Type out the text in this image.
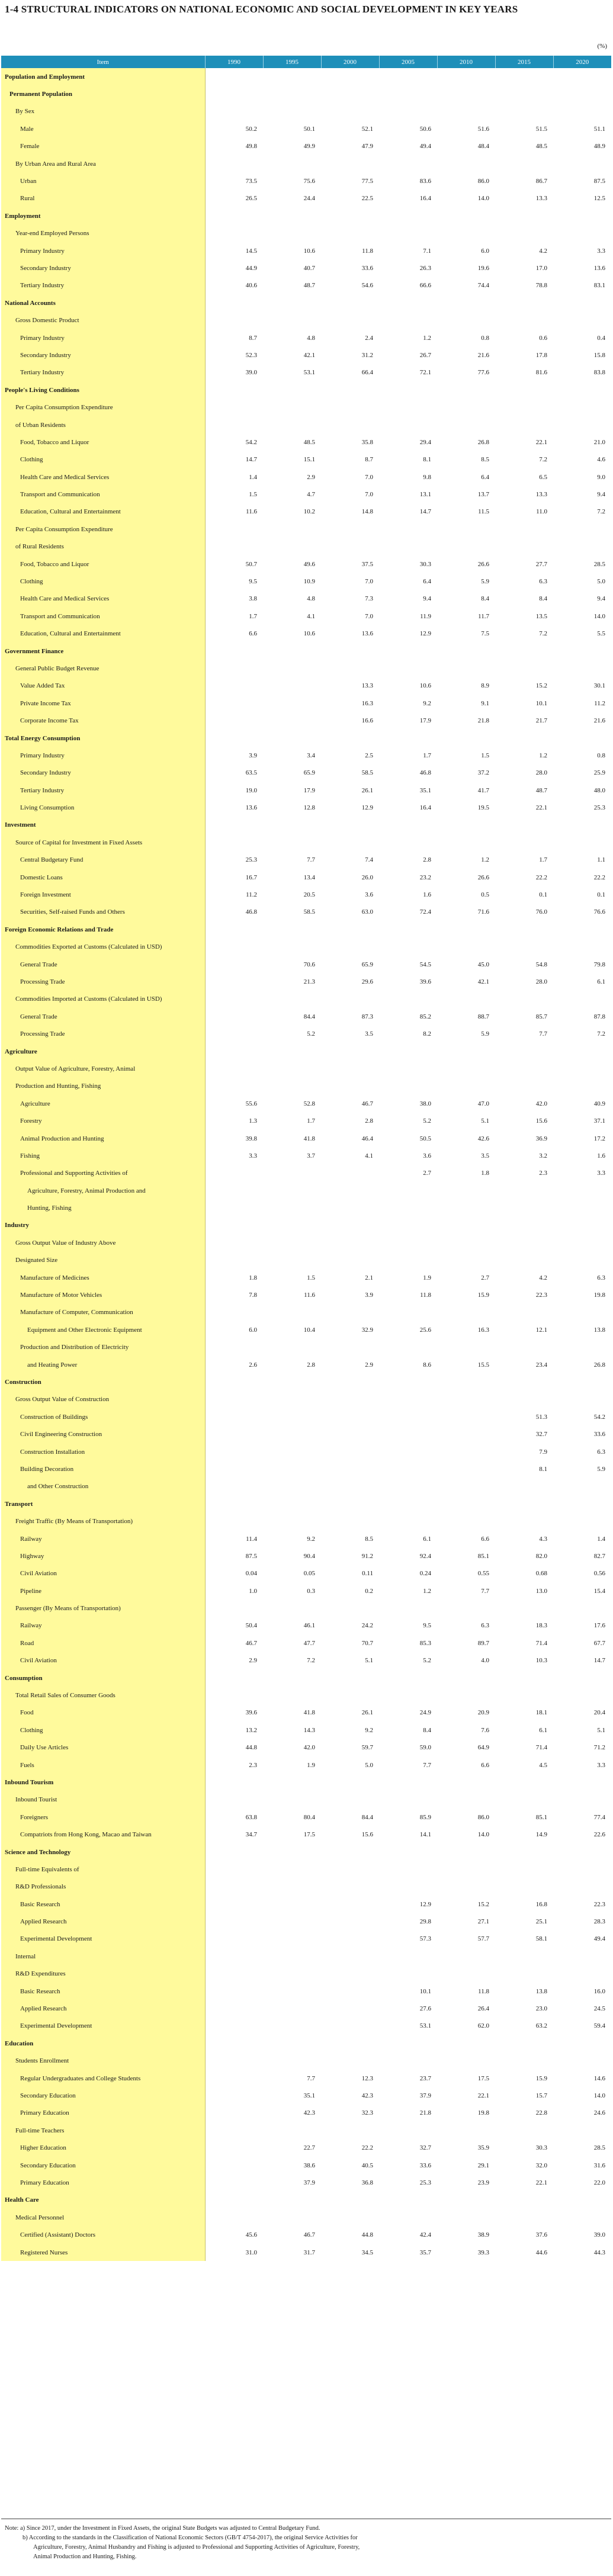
1-4 STRUCTURAL INDICATORS ON NATIONAL ECONOMIC AND SOCIAL DEVELOPMENT IN KEY YEARS
(%)
Item	1990	1995	2000	2005	2010	2015	2020
Population and Employment							
Permanent Population							
By Sex							
Male	50.2	50.1	52.1	50.6	51.6	51.5	51.1
Female	49.8	49.9	47.9	49.4	48.4	48.5	48.9
By Urban Area and Rural Area							
Urban	73.5	75.6	77.5	83.6	86.0	86.7	87.5
Rural	26.5	24.4	22.5	16.4	14.0	13.3	12.5
Employment							
Year-end Employed Persons							
Primary Industry	14.5	10.6	11.8	7.1	6.0	4.2	3.3
Secondary Industry	44.9	40.7	33.6	26.3	19.6	17.0	13.6
Tertiary Industry	40.6	48.7	54.6	66.6	74.4	78.8	83.1
National Accounts							
Gross Domestic Product							
Primary Industry	8.7	4.8	2.4	1.2	0.8	0.6	0.4
Secondary Industry	52.3	42.1	31.2	26.7	21.6	17.8	15.8
Tertiary Industry	39.0	53.1	66.4	72.1	77.6	81.6	83.8
People's Living Conditions							
Per Capita Consumption Expenditure							
of Urban Residents							
Food, Tobacco and Liquor	54.2	48.5	35.8	29.4	26.8	22.1	21.0
Clothing	14.7	15.1	8.7	8.1	8.5	7.2	4.6
Health Care and Medical Services	1.4	2.9	7.0	9.8	6.4	6.5	9.0
Transport and Communication	1.5	4.7	7.0	13.1	13.7	13.3	9.4
Education, Cultural and Entertainment	11.6	10.2	14.8	14.7	11.5	11.0	7.2
Per Capita Consumption Expenditure							
of Rural Residents							
Food, Tobacco and Liquor	50.7	49.6	37.5	30.3	26.6	27.7	28.5
Clothing	9.5	10.9	7.0	6.4	5.9	6.3	5.0
Health Care and Medical Services	3.8	4.8	7.3	9.4	8.4	8.4	9.4
Transport and Communication	1.7	4.1	7.0	11.9	11.7	13.5	14.0
Education, Cultural and Entertainment	6.6	10.6	13.6	12.9	7.5	7.2	5.5
Government Finance							
General Public Budget Revenue							
Value Added Tax			13.3	10.6	8.9	15.2	30.1
Private Income Tax			16.3	9.2	9.1	10.1	11.2
Corporate Income Tax			16.6	17.9	21.8	21.7	21.6
Total Energy Consumption							
Primary Industry	3.9	3.4	2.5	1.7	1.5	1.2	0.8
Secondary Industry	63.5	65.9	58.5	46.8	37.2	28.0	25.9
Tertiary Industry	19.0	17.9	26.1	35.1	41.7	48.7	48.0
Living Consumption	13.6	12.8	12.9	16.4	19.5	22.1	25.3
Investment							
Source of Capital for Investment in Fixed Assets							
Central Budgetary Fund	25.3	7.7	7.4	2.8	1.2	1.7	1.1
Domestic Loans	16.7	13.4	26.0	23.2	26.6	22.2	22.2
Foreign Investment	11.2	20.5	3.6	1.6	0.5	0.1	0.1
Securities, Self-raised Funds and Others	46.8	58.5	63.0	72.4	71.6	76.0	76.6
Foreign Economic Relations and Trade							
Commodities Exported at Customs (Calculated in USD)							
General Trade		70.6	65.9	54.5	45.0	54.8	79.8
Processing Trade		21.3	29.6	39.6	42.1	28.0	6.1
Commodities Imported at Customs (Calculated in USD)							
General Trade		84.4	87.3	85.2	88.7	85.7	87.8
Processing Trade		5.2	3.5	8.2	5.9	7.7	7.2
Agriculture							
Output Value of Agriculture, Forestry, Animal							
Production and Hunting, Fishing							
Agriculture	55.6	52.8	46.7	38.0	47.0	42.0	40.9
Forestry	1.3	1.7	2.8	5.2	5.1	15.6	37.1
Animal Production and Hunting	39.8	41.8	46.4	50.5	42.6	36.9	17.2
Fishing	3.3	3.7	4.1	3.6	3.5	3.2	1.6
Professional and Supporting Activities of				2.7	1.8	2.3	3.3
Agriculture, Forestry, Animal Production and							
Hunting, Fishing							
Industry							
Gross Output Value of Industry Above							
Designated Size							
Manufacture of Medicines	1.8	1.5	2.1	1.9	2.7	4.2	6.3
Manufacture of Motor Vehicles	7.8	11.6	3.9	11.8	15.9	22.3	19.8
Manufacture of Computer, Communication							
Equipment and Other Electronic Equipment	6.0	10.4	32.9	25.6	16.3	12.1	13.8
Production and Distribution of Electricity							
and Heating Power	2.6	2.8	2.9	8.6	15.5	23.4	26.8
Construction							
Gross Output Value of Construction							
Construction of Buildings						51.3	54.2
Civil Engineering Construction						32.7	33.6
Construction Installation						7.9	6.3
Building Decoration						8.1	5.9
and Other Construction							
Transport							
Freight Traffic (By Means of Transportation)							
Railway	11.4	9.2	8.5	6.1	6.6	4.3	1.4
Highway	87.5	90.4	91.2	92.4	85.1	82.0	82.7
Civil Aviation	0.04	0.05	0.11	0.24	0.55	0.68	0.56
Pipeline	1.0	0.3	0.2	1.2	7.7	13.0	15.4
Passenger (By Means of Transportation)							
Railway	50.4	46.1	24.2	9.5	6.3	18.3	17.6
Road	46.7	47.7	70.7	85.3	89.7	71.4	67.7
Civil Aviation	2.9	7.2	5.1	5.2	4.0	10.3	14.7
Consumption							
Total Retail Sales of Consumer Goods							
Food	39.6	41.8	26.1	24.9	20.9	18.1	20.4
Clothing	13.2	14.3	9.2	8.4	7.6	6.1	5.1
Daily Use Articles	44.8	42.0	59.7	59.0	64.9	71.4	71.2
Fuels	2.3	1.9	5.0	7.7	6.6	4.5	3.3
Inbound Tourism							
Inbound Tourist							
Foreigners	63.8	80.4	84.4	85.9	86.0	85.1	77.4
Compatriots from Hong Kong, Macao and Taiwan	34.7	17.5	15.6	14.1	14.0	14.9	22.6
Science and Technology							
Full-time Equivalents of							
R&D Professionals							
Basic Research				12.9	15.2	16.8	22.3
Applied Research				29.8	27.1	25.1	28.3
Experimental Development				57.3	57.7	58.1	49.4
Internal							
R&D Expenditures							
Basic Research				10.1	11.8	13.8	16.0
Applied Research				27.6	26.4	23.0	24.5
Experimental Development				53.1	62.0	63.2	59.4
Education							
Students Enrollment							
Regular Undergraduates and College Students		7.7	12.3	23.7	17.5	15.9	14.6
Secondary Education		35.1	42.3	37.9	22.1	15.7	14.0
Primary Education		42.3	32.3	21.8	19.8	22.8	24.6
Full-time Teachers							
Higher Education		22.7	22.2	32.7	35.9	30.3	28.5
Secondary Education		38.6	40.5	33.6	29.1	32.0	31.6
Primary Education		37.9	36.8	25.3	23.9	22.1	22.0
Health Care							
Medical Personnel							
Certified (Assistant) Doctors	45.6	46.7	44.8	42.4	38.9	37.6	39.0
Registered Nurses	31.0	31.7	34.5	35.7	39.3	44.6	44.3
Note: a) Since 2017, under the Investment in Fixed Assets, the original State Budgets was adjusted to Central Budgetary Fund.
b) According to the standards in the Classification of National Economic Sectors (GB/T 4754-2017), the original Service Activities for
Agriculture, Forestry, Animal Husbandry and Fishing is adjusted to Professional and Supporting Activities of Agriculture, Forestry,
Animal Production and Hunting, Fishing.
